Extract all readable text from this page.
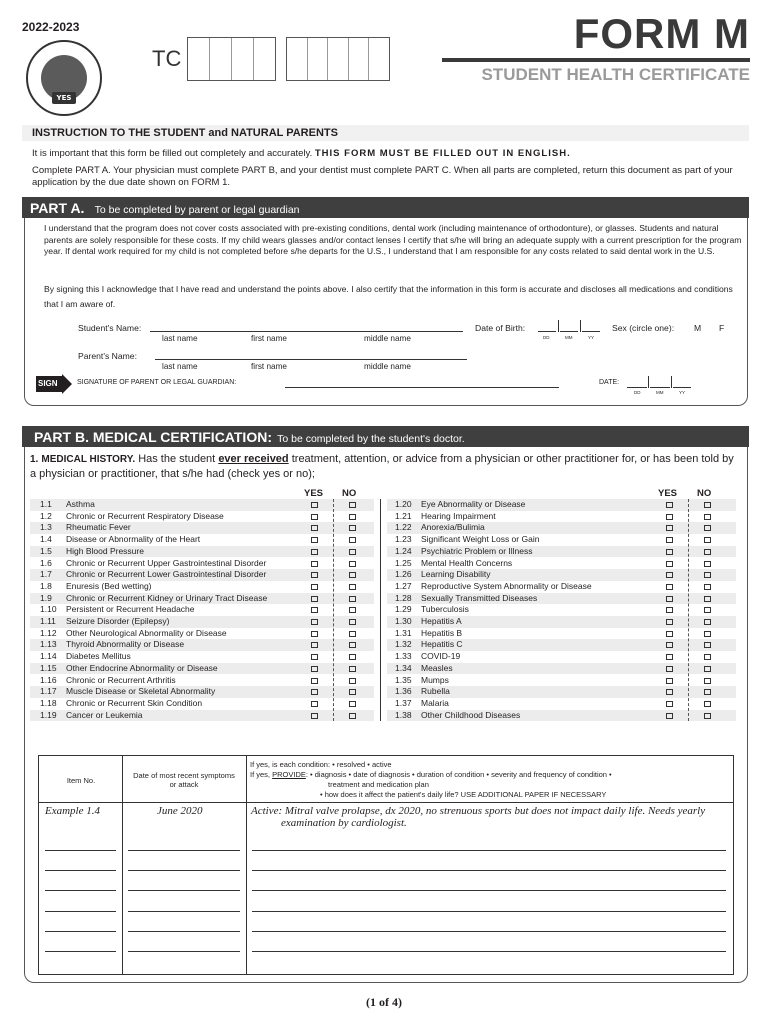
2022-2023
YES
TC
FORM M
STUDENT HEALTH CERTIFICATE
INSTRUCTION TO THE STUDENT and NATURAL PARENTS
It is important that this form be filled out completely and accurately. THIS FORM MUST BE FILLED OUT IN ENGLISH.
Complete PART A. Your physician must complete PART B, and your dentist must complete PART C. When all parts are completed, return this document as part of your application by the due date shown on FORM 1.
PART A. To be completed by parent or legal guardian
I understand that the program does not cover costs associated with pre-existing conditions, dental work (including maintenance of orthodonture), or glasses. Students and natural parents are solely responsible for these costs. If my child wears glasses and/or contact lenses I certify that s/he will bring an adequate supply with a current prescription for the program year. If dental work required for my child is not completed before s/he departs for the U.S., I understand that I am responsible for any costs related to said dental work in the U.S.
By signing this I acknowledge that I have read and understand the points above. I also certify that the information in this form is accurate and discloses all medications and conditions that I am aware of.
Student's Name:
last name	first name	middle name
Date of Birth:
DD	MM	YY
Sex (circle one): M F
Parent's Name:
last name	first name	middle name
SIGN	SIGNATURE OF PARENT OR LEGAL GUARDIAN:	DATE:
DD	MM	YY
PART B. MEDICAL CERTIFICATION: To be completed by the student's doctor.
1. MEDICAL HISTORY. Has the student ever received treatment, attention, or advice from a physician or other practitioner for, or has been told by a physician or practitioner, that s/he had (check yes or no);
YES NO	YES NO
1.1 Asthma
1.2 Chronic or Recurrent Respiratory Disease
1.3 Rheumatic Fever
1.4 Disease or Abnormality of the Heart
1.5 High Blood Pressure
1.6 Chronic or Recurrent Upper Gastrointestinal Disorder
1.7 Chronic or Recurrent Lower Gastrointestinal Disorder
1.8 Enuresis (Bed wetting)
1.9 Chronic or Recurrent Kidney or Urinary Tract Disease
1.10 Persistent or Recurrent Headache
1.11 Seizure Disorder (Epilepsy)
1.12 Other Neurological Abnormality or Disease
1.13 Thyroid Abnormality or Disease
1.14 Diabetes Mellitus
1.15 Other Endocrine Abnormality or Disease
1.16 Chronic or Recurrent Arthritis
1.17 Muscle Disease or Skeletal Abnormality
1.18 Chronic or Recurrent Skin Condition
1.19 Cancer or Leukemia
1.20 Eye Abnormality or Disease
1.21 Hearing Impairment
1.22 Anorexia/Bulimia
1.23 Significant Weight Loss or Gain
1.24 Psychiatric Problem or Illness
1.25 Mental Health Concerns
1.26 Learning Disability
1.27 Reproductive System Abnormality or Disease
1.28 Sexually Transmitted Diseases
1.29 Tuberculosis
1.30 Hepatitis A
1.31 Hepatitis B
1.32 Hepatitis C
1.33 COVID-19
1.34 Measles
1.35 Mumps
1.36 Rubella
1.37 Malaria
1.38 Other Childhood Diseases
Item No.
Date of most recent symptoms or attack
If yes, is each condition: • resolved • active
If yes, PROVIDE: • diagnosis • date of diagnosis • duration of condition • severity and frequency of condition •
treatment and medication plan
• how does it affect the patient's daily life? USE ADDITIONAL PAPER IF NECESSARY
Example 1.4	June 2020	Active: Mitral valve prolapse, dx 2020, no strenuous sports but does not impact daily life. Needs yearly
examination by cardiologist.
(1 of 4)
